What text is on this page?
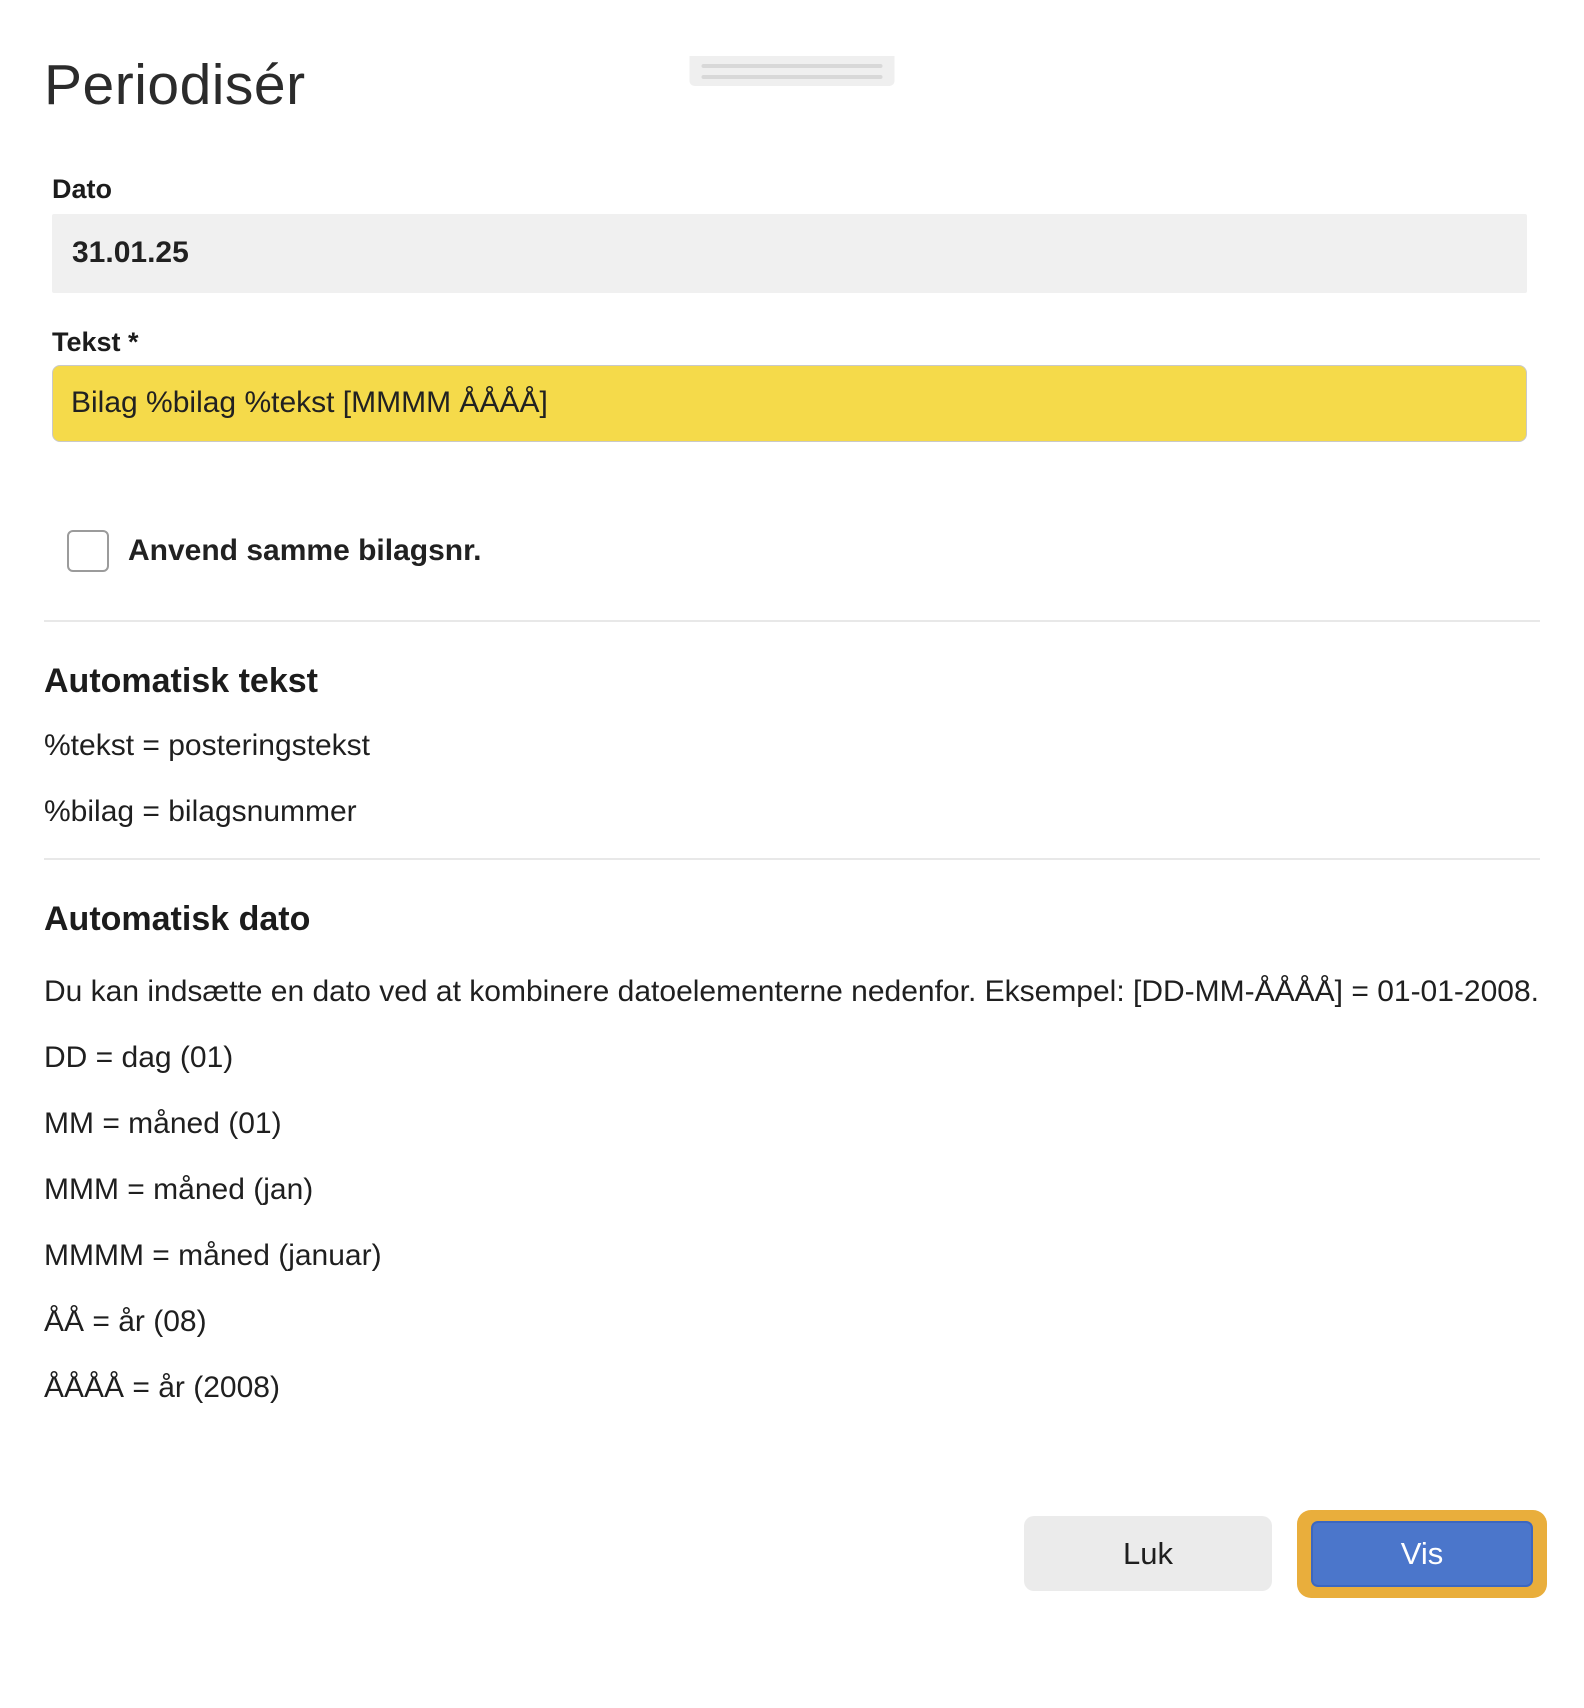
Periodisér
Dato
31.01.25
Tekst *
Bilag %bilag %tekst [MMMM ÅÅÅÅ]
Anvend samme bilagsnr.
Automatisk tekst

%tekst = posteringstekst

%bilag = bilagsnummer

Automatisk dato

Du kan indsætte en dato ved at kombinere datoelementerne nedenfor. Eksempel: [DD-MM-ÅÅÅÅ] = 01-01-2008.

DD = dag (01)

MM = måned (01)

MMM = måned (jan)

MMMM = måned (januar)

ÅÅ = år (08)

ÅÅÅÅ = år (2008)

Luk	Vis
